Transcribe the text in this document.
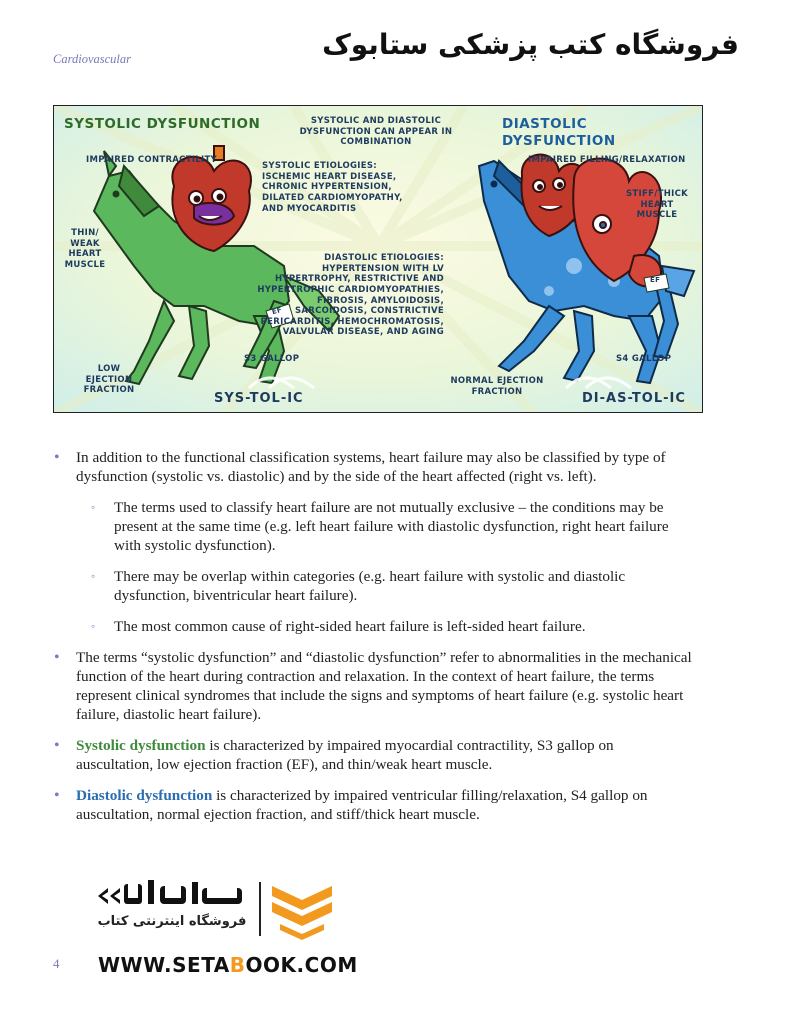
Cardiovascular	فروشگاه کتب پزشکی ستابوک
SYSTOLIC DYSFUNCTION	DIASTOLIC DYSFUNCTION
SYSTOLIC AND DIASTOLIC DYSFUNCTION CAN APPEAR IN COMBINATION
IMPAIRED CONTRACTILITY
THIN/ WEAK HEART MUSCLE
SYSTOLIC ETIOLOGIES: ISCHEMIC HEART DISEASE, CHRONIC HYPERTENSION, DILATED CARDIOMYOPATHY, AND MYOCARDITIS
DIASTOLIC ETIOLOGIES: HYPERTENSION WITH LV HYPERTROPHY, RESTRICTIVE AND HYPERTROPHIC CARDIOMYOPATHIES, FIBROSIS, AMYLOIDOSIS, SARCOIDOSIS, CONSTRICTIVE PERICARDITIS, HEMOCHROMATOSIS, VALVULAR DISEASE, AND AGING
IMPAIRED FILLING/RELAXATION
STIFF/THICK HEART MUSCLE
LOW EJECTION FRACTION
S3 GALLOP
SYS-TOL-IC
NORMAL EJECTION FRACTION
S4 GALLOP
DI-AS-TOL-IC
EF
EF

• In addition to the functional classification systems, heart failure may also be classified by type of dysfunction (systolic vs. diastolic) and by the side of the heart affected (right vs. left).

◦ The terms used to classify heart failure are not mutually exclusive – the conditions may be present at the same time (e.g. left heart failure with diastolic dysfunction, right heart failure with systolic dysfunction).

◦ There may be overlap within categories (e.g. heart failure with systolic and diastolic dysfunction, biventricular heart failure).

◦ The most common cause of right-sided heart failure is left-sided heart failure.

• The terms “systolic dysfunction” and “diastolic dysfunction” refer to abnormalities in the mechanical function of the heart during contraction and relaxation. In the context of heart failure, the terms represent clinical syndromes that include the signs and symptoms of heart failure (e.g. systolic heart failure, diastolic heart failure).

• Systolic dysfunction is characterized by impaired myocardial contractility, S3 gallop on auscultation, low ejection fraction (EF), and thin/weak heart muscle.

• Diastolic dysfunction is characterized by impaired ventricular filling/relaxation, S4 gallop on auscultation, normal ejection fraction, and stiff/thick heart muscle.

فروشگاه اینترنتی کتاب
4 WWW.SETABOOK.COM
